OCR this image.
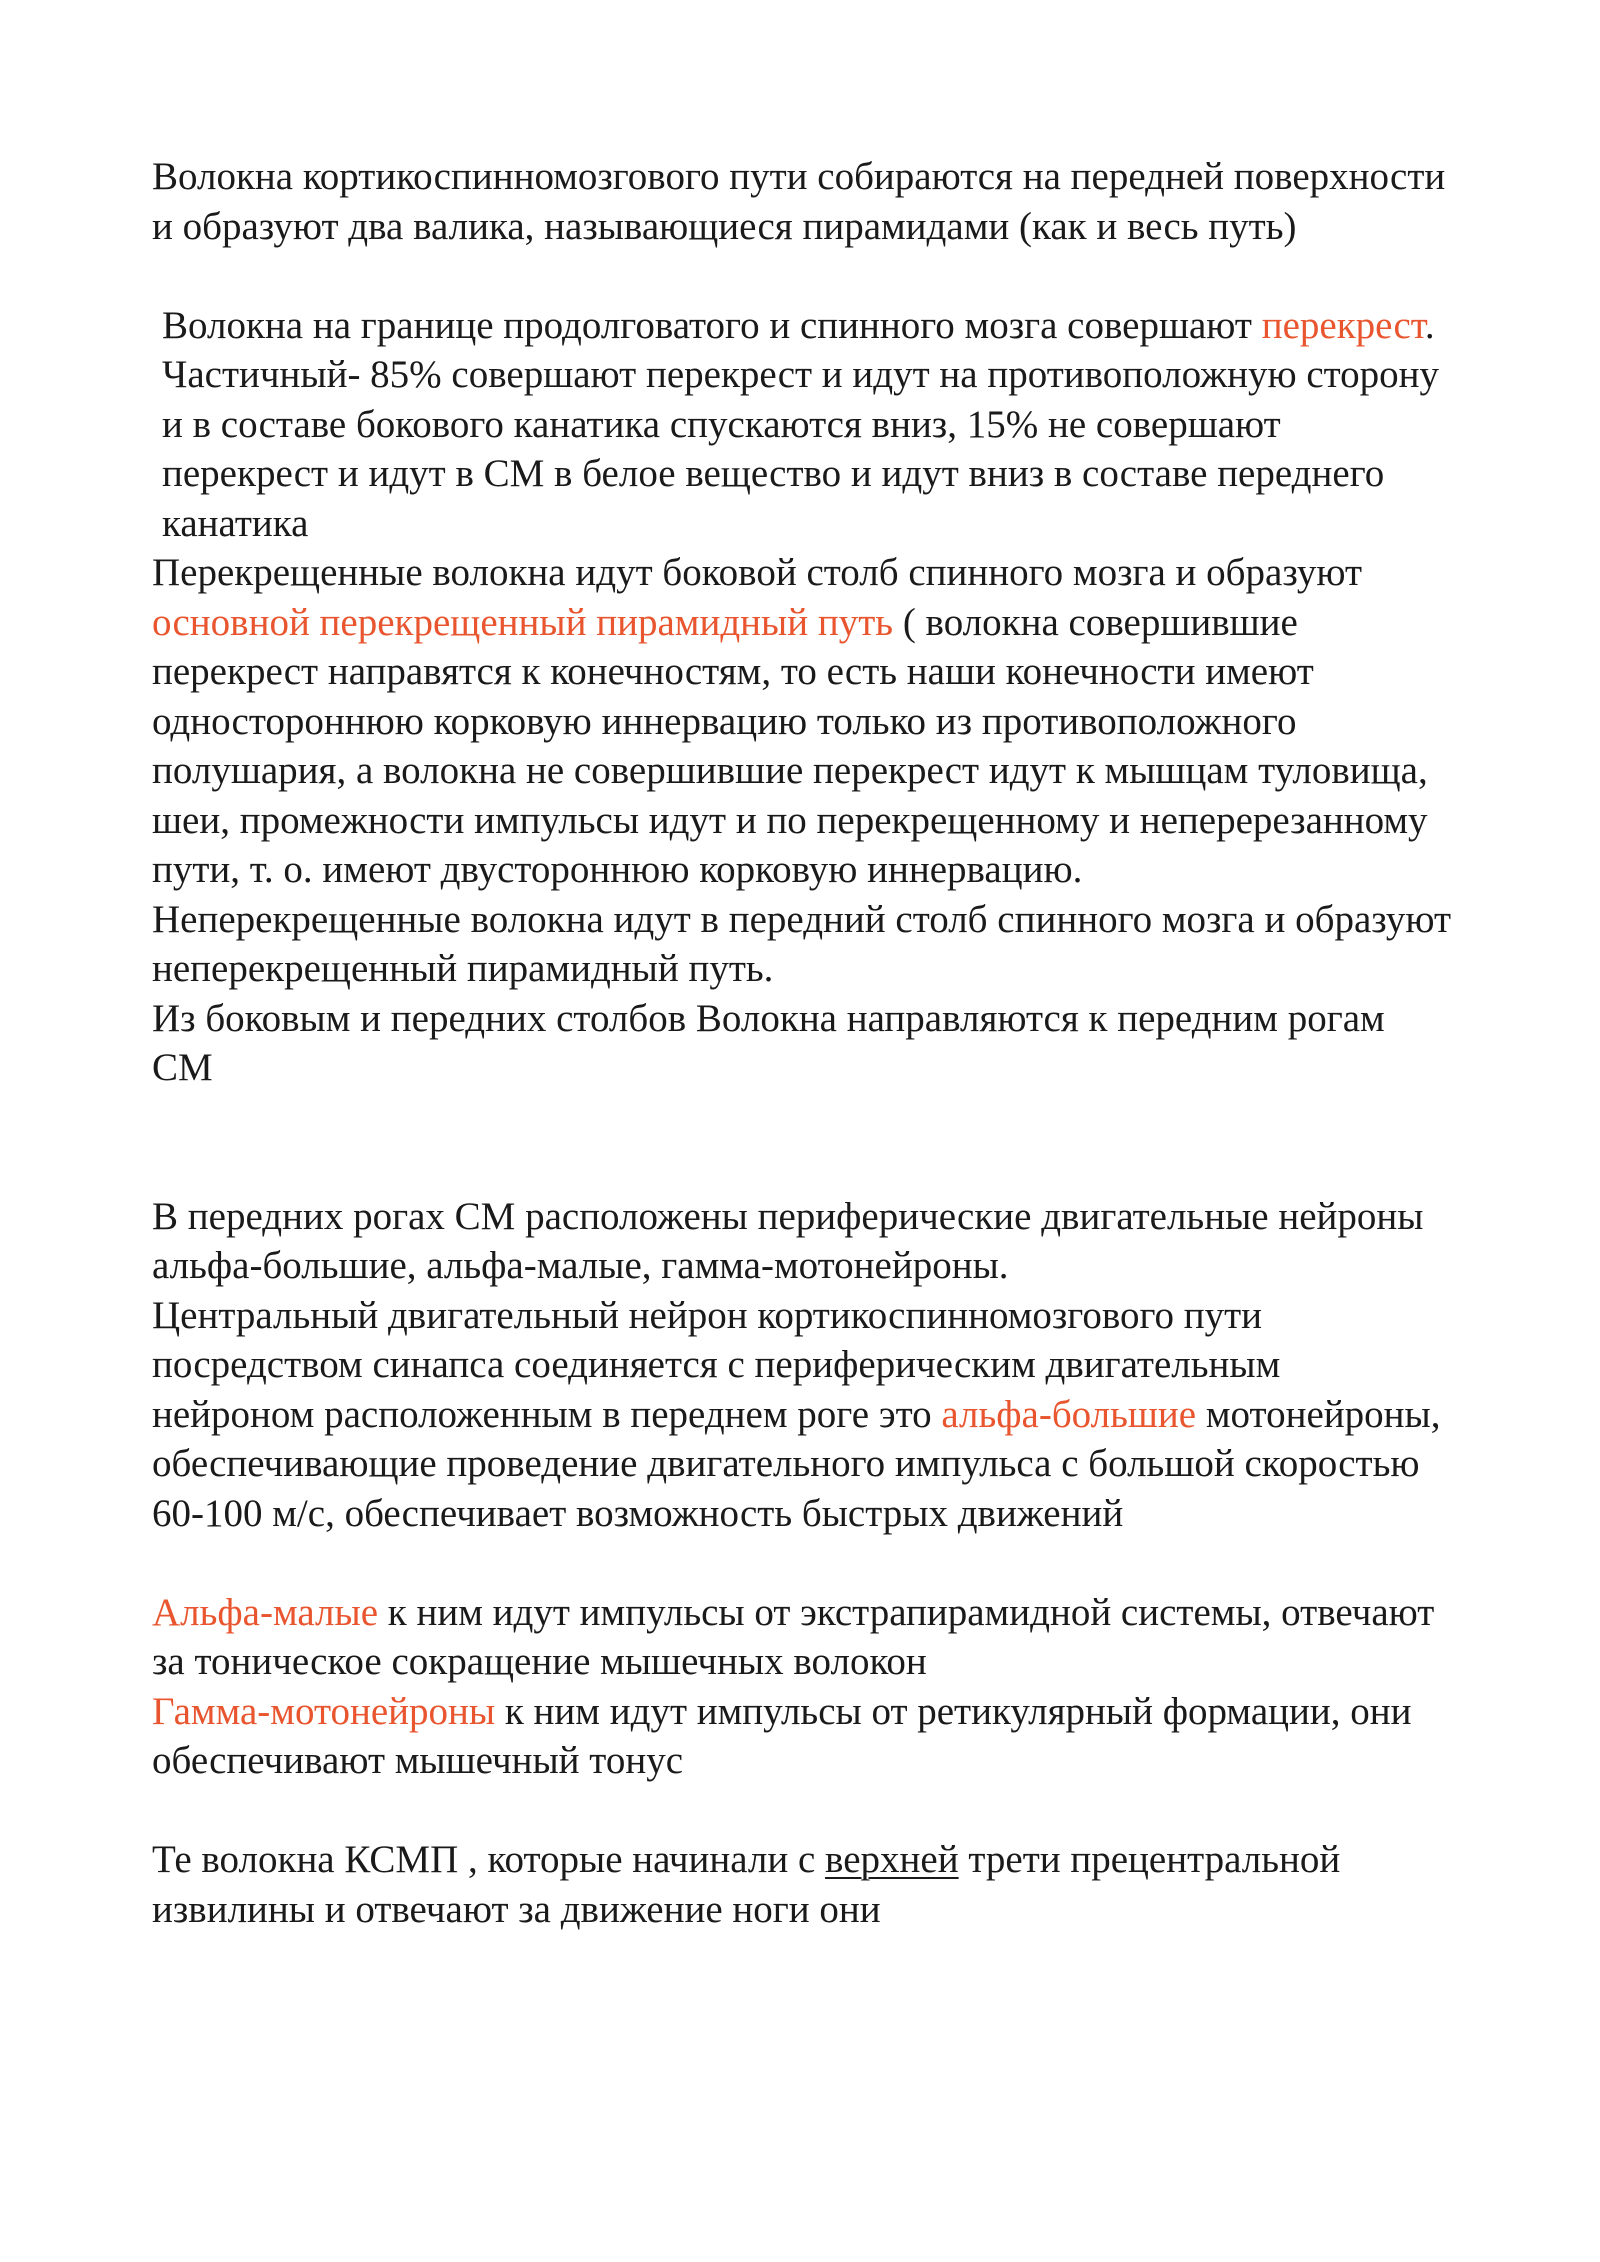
Волокна кортикоспинномозгового пути собираются на передней поверхности и образуют два валика, называющиеся пирамидами (как и весь путь)

Волокна на границе продолговатого и спинного мозга совершают перекрест. Частичный- 85% совершают перекрест и идут на противоположную сторону и в составе бокового канатика спускаются вниз, 15% не совершают перекрест и идут в СМ в белое вещество и идут вниз в составе переднего канатика

Перекрещенные волокна идут боковой столб спинного мозга и образуют основной перекрещенный пирамидный путь ( волокна совершившие перекрест направятся к конечностям, то есть наши конечности имеют одностороннюю корковую иннервацию только из противоположного полушария, а волокна не совершившие перекрест идут к мышцам туловища, шеи, промежности импульсы идут и по перекрещенному и неперерезанному пути, т. о. имеют двустороннюю корковую иннервацию.

Неперекрещенные волокна идут в передний столб спинного мозга и образуют неперекрещенный пирамидный путь.

Из боковым и передних столбов Волокна направляются к передним рогам СМ

В передних рогах СМ расположены периферические двигательные нейроны альфа-большие, альфа-малые, гамма-мотонейроны.

Центральный двигательный нейрон кортикоспинномозгового пути посредством синапса соединяется с периферическим двигательным нейроном расположенным в переднем роге это альфа-большие мотонейроны, обеспечивающие проведение двигательного импульса с большой скоростью 60-100 м/с, обеспечивает возможность быстрых движений

Альфа-малые к ним идут импульсы от экстрапирамидной системы, отвечают за тоническое сокращение мышечных волокон

Гамма-мотонейроны к ним идут импульсы от ретикулярный формации, они обеспечивают мышечный тонус

Те волокна КСМП , которые начинали с верхней трети прецентральной извилины и отвечают за движение ноги они
